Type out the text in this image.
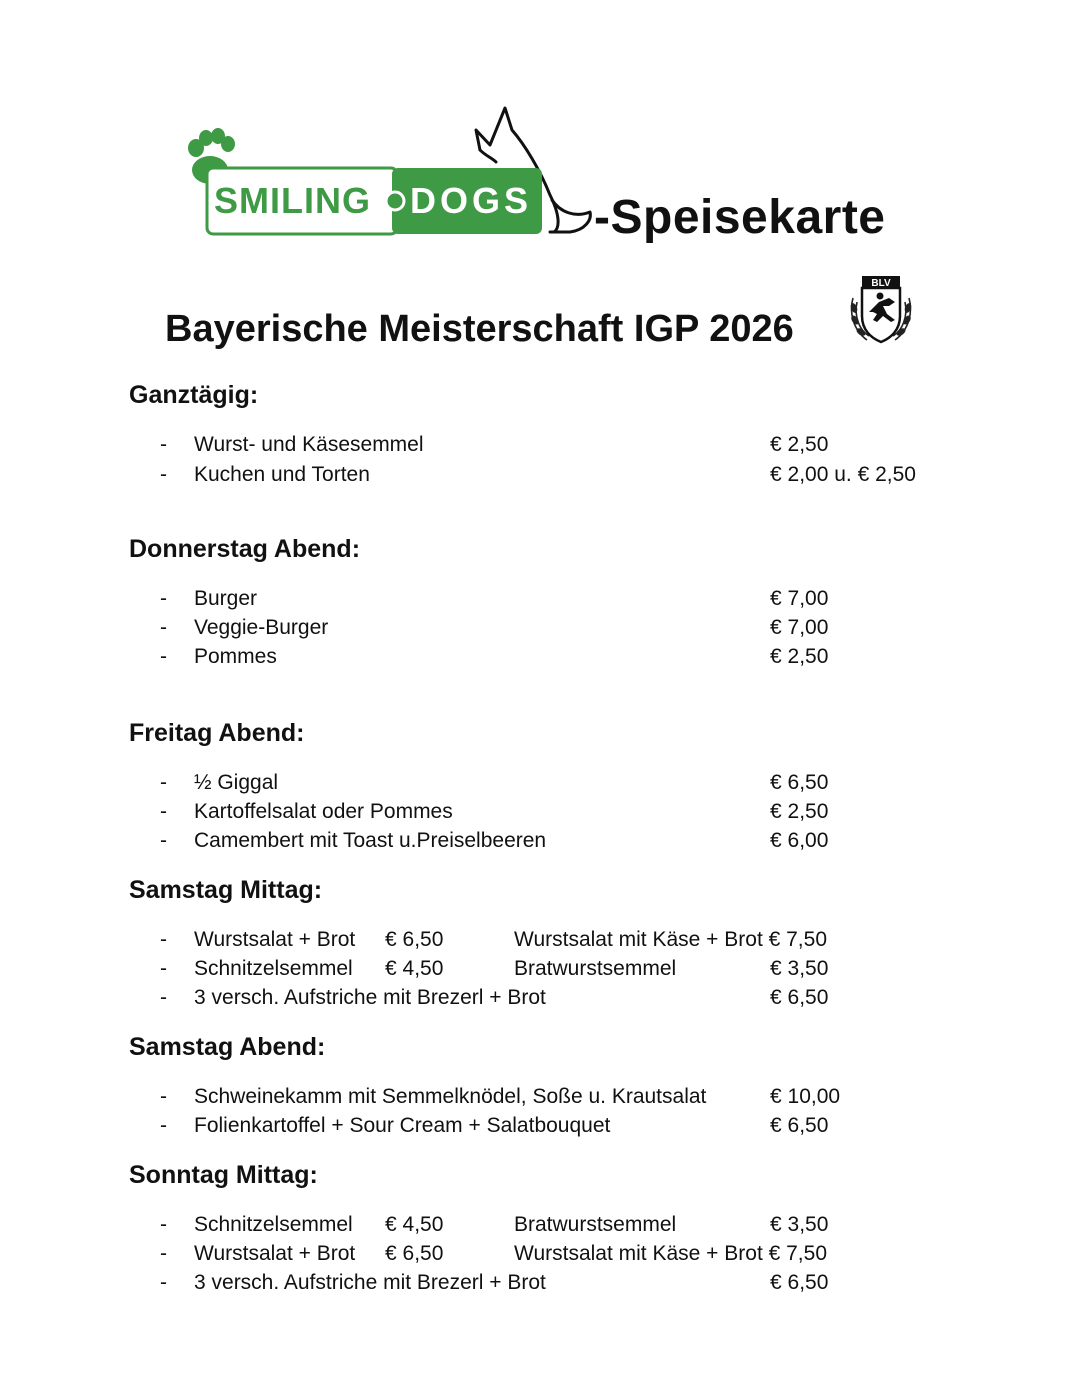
SMILING DOGS -Speisekarte
Bayerische Meisterschaft IGP 2026
BLV
Ganztägig:
- Wurst- und Käsesemmel	€ 2,50
- Kuchen und Torten	€ 2,00 u. € 2,50
Donnerstag Abend:
- Burger	€ 7,00
- Veggie-Burger	€ 7,00
- Pommes	€ 2,50
Freitag Abend:
- ½ Giggal	€ 6,50
- Kartoffelsalat oder Pommes	€ 2,50
- Camembert mit Toast u.Preiselbeeren	€ 6,00
Samstag Mittag:
- Wurstsalat + Brot € 6,50	Wurstsalat mit Käse + Brot € 7,50
- Schnitzelsemmel € 4,50	Bratwurstsemmel	€ 3,50
- 3 versch. Aufstriche mit Brezerl + Brot	€ 6,50
Samstag Abend:
- Schweinekamm mit Semmelknödel, Soße u. Krautsalat	€ 10,00
- Folienkartoffel + Sour Cream + Salatbouquet	€ 6,50
Sonntag Mittag:
- Schnitzelsemmel € 4,50	Bratwurstsemmel	€ 3,50
- Wurstsalat + Brot € 6,50	Wurstsalat mit Käse + Brot € 7,50
- 3 versch. Aufstriche mit Brezerl + Brot	€ 6,50
